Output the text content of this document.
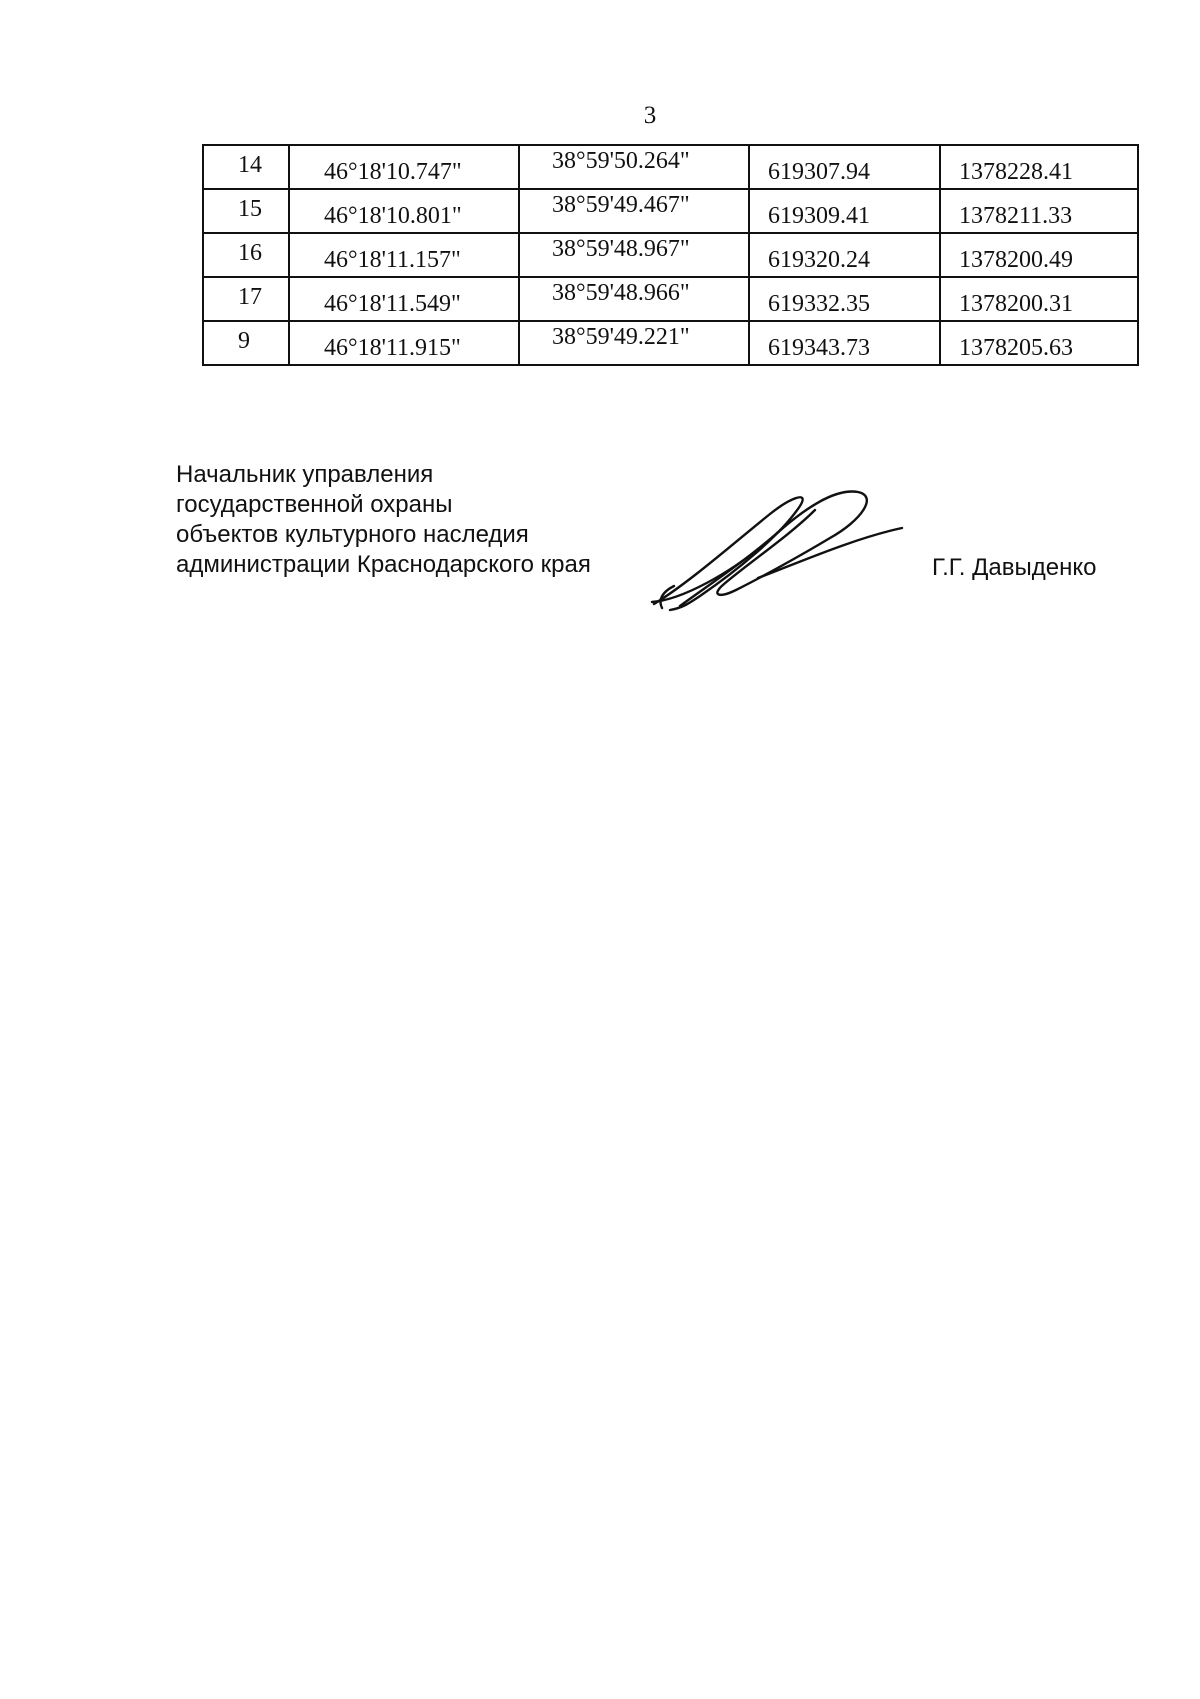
3
14	46°18'10.747"	38°59'50.264"	619307.94	1378228.41
15	46°18'10.801"	38°59'49.467"	619309.41	1378211.33
16	46°18'11.157"	38°59'48.967"	619320.24	1378200.49
17	46°18'11.549"	38°59'48.966"	619332.35	1378200.31
9	46°18'11.915"	38°59'49.221"	619343.73	1378205.63
Начальник управления
государственной охраны
объектов культурного наследия
администрации Краснодарского края	Г.Г. Давыденко
